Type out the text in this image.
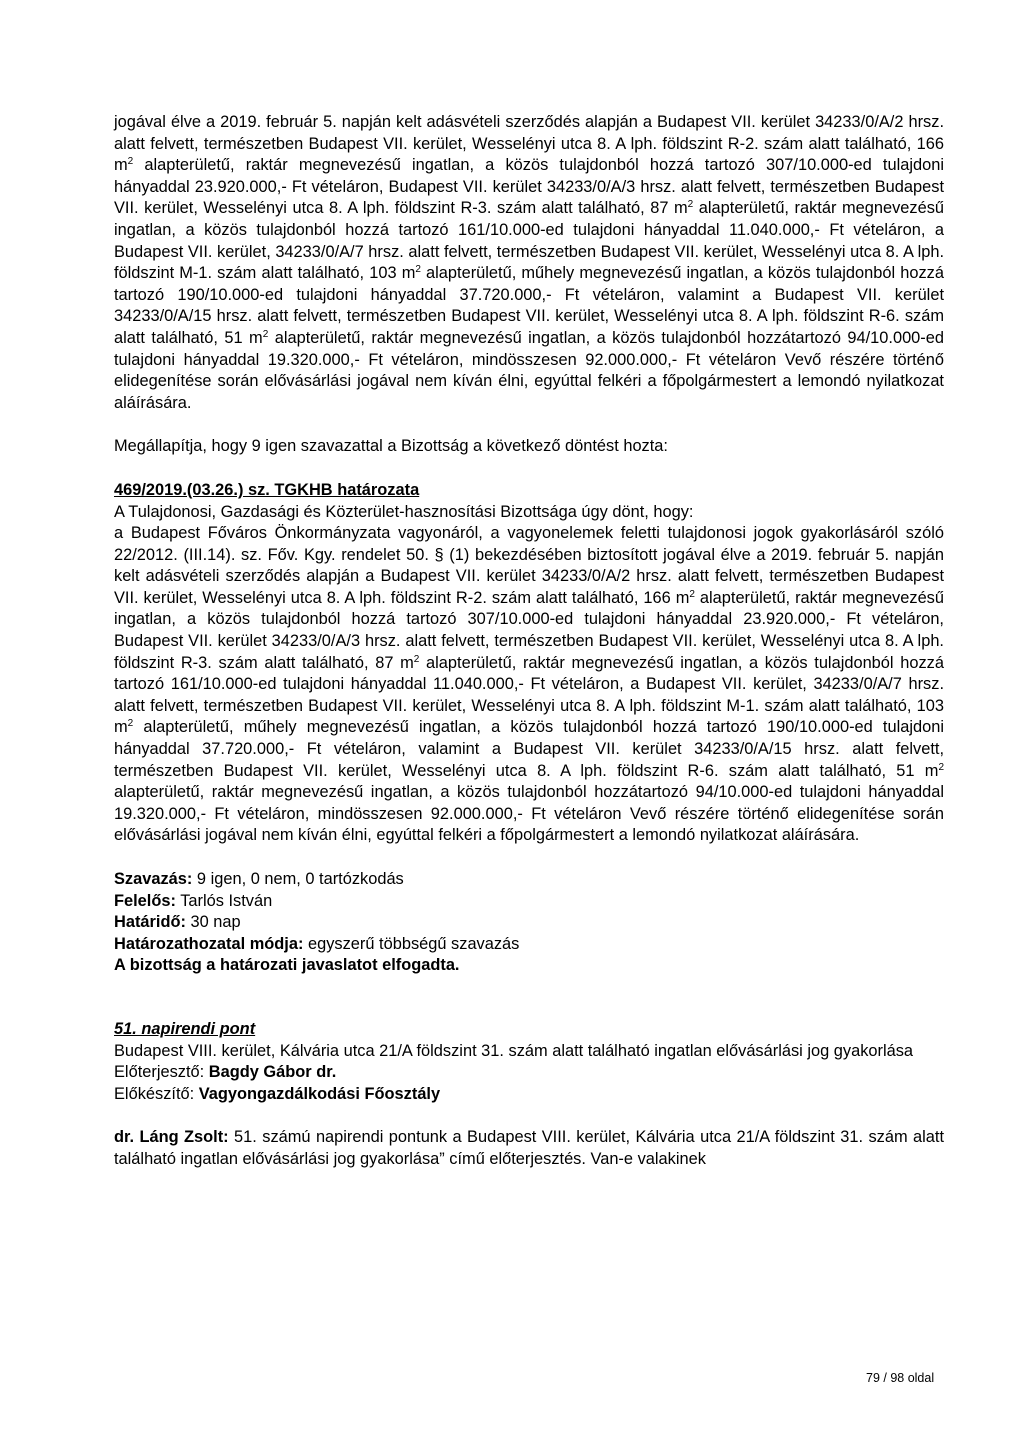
jogával élve a 2019. február 5. napján kelt adásvételi szerződés alapján a Budapest VII. kerület 34233/0/A/2 hrsz. alatt felvett, természetben Budapest VII. kerület, Wesselényi utca 8. A lph. földszint R-2. szám alatt található, 166 $m^2$ alapterületű, raktár megnevezésű ingatlan, a közös tulajdonból hozzá tartozó 307/10.000-ed tulajdoni hányaddal 23.920.000,- Ft vételáron, Budapest VII. kerület 34233/0/A/3 hrsz. alatt felvett, természetben Budapest VII. kerület, Wesselényi utca 8. A lph. földszint R-3. szám alatt található, 87 $m^2$ alapterületű, raktár megnevezésű ingatlan, a közös tulajdonból hozzá tartozó 161/10.000-ed tulajdoni hányaddal 11.040.000,- Ft vételáron, a Budapest VII. kerület, 34233/0/A/7 hrsz. alatt felvett, természetben Budapest VII. kerület, Wesselényi utca 8. A lph. földszint M-1. szám alatt található, 103 $m^2$ alapterületű, műhely megnevezésű ingatlan, a közös tulajdonból hozzá tartozó 190/10.000-ed tulajdoni hányaddal 37.720.000,- Ft vételáron, valamint a Budapest VII. kerület 34233/0/A/15 hrsz. alatt felvett, természetben Budapest VII. kerület, Wesselényi utca 8. A lph. földszint R-6. szám alatt található, 51 $m^2$ alapterületű, raktár megnevezésű ingatlan, a közös tulajdonból hozzátartozó 94/10.000-ed tulajdoni hányaddal 19.320.000,- Ft vételáron, mindösszesen 92.000.000,- Ft vételáron Vevő részére történő elidegenítése során elővásárlási jogával nem kíván élni, egyúttal felkéri a főpolgármestert a lemondó nyilatkozat aláírására.

Megállapítja, hogy 9 igen szavazattal a Bizottság a következő döntést hozta:

469/2019.(03.26.) sz. TGKHB határozata

A Tulajdonosi, Gazdasági és Közterület-hasznosítási Bizottsága úgy dönt, hogy:

a Budapest Főváros Önkormányzata vagyonáról, a vagyonelemek feletti tulajdonosi jogok gyakorlásáról szóló 22/2012. (III.14). sz. Főv. Kgy. rendelet 50. § (1) bekezdésében biztosított jogával élve a 2019. február 5. napján kelt adásvételi szerződés alapján a Budapest VII. kerület 34233/0/A/2 hrsz. alatt felvett, természetben Budapest VII. kerület, Wesselényi utca 8. A lph. földszint R-2. szám alatt található, 166 $m^2$ alapterületű, raktár megnevezésű ingatlan, a közös tulajdonból hozzá tartozó 307/10.000-ed tulajdoni hányaddal 23.920.000,- Ft vételáron, Budapest VII. kerület 34233/0/A/3 hrsz. alatt felvett, természetben Budapest VII. kerület, Wesselényi utca 8. A lph. földszint R-3. szám alatt található, 87 $m^2$ alapterületű, raktár megnevezésű ingatlan, a közös tulajdonból hozzá tartozó 161/10.000-ed tulajdoni hányaddal 11.040.000,- Ft vételáron, a Budapest VII. kerület, 34233/0/A/7 hrsz. alatt felvett, természetben Budapest VII. kerület, Wesselényi utca 8. A lph. földszint M-1. szám alatt található, 103 $m^2$ alapterületű, műhely megnevezésű ingatlan, a közös tulajdonból hozzá tartozó 190/10.000-ed tulajdoni hányaddal 37.720.000,- Ft vételáron, valamint a Budapest VII. kerület 34233/0/A/15 hrsz. alatt felvett, természetben Budapest VII. kerület, Wesselényi utca 8. A lph. földszint R-6. szám alatt található, 51 $m^2$ alapterületű, raktár megnevezésű ingatlan, a közös tulajdonból hozzátartozó 94/10.000-ed tulajdoni hányaddal 19.320.000,- Ft vételáron, mindösszesen 92.000.000,- Ft vételáron Vevő részére történő elidegenítése során elővásárlási jogával nem kíván élni, egyúttal felkéri a főpolgármestert a lemondó nyilatkozat aláírására.

Szavazás: 9 igen, 0 nem, 0 tartózkodás

Felelős: Tarlós István

Határidő: 30 nap

Határozathozatal módja: egyszerű többségű szavazás

A bizottság a határozati javaslatot elfogadta.

51. napirendi pont

Budapest VIII. kerület, Kálvária utca 21/A földszint 31. szám alatt található ingatlan elővásárlási jog gyakorlása

Előterjesztő: Bagdy Gábor dr.

Előkészítő: Vagyongazdálkodási Főosztály

dr. Láng Zsolt: 51. számú napirendi pontunk a Budapest VIII. kerület, Kálvária utca 21/A földszint 31. szám alatt található ingatlan elővásárlási jog gyakorlása” című előterjesztés. Van-e valakinek

79 / 98 oldal
